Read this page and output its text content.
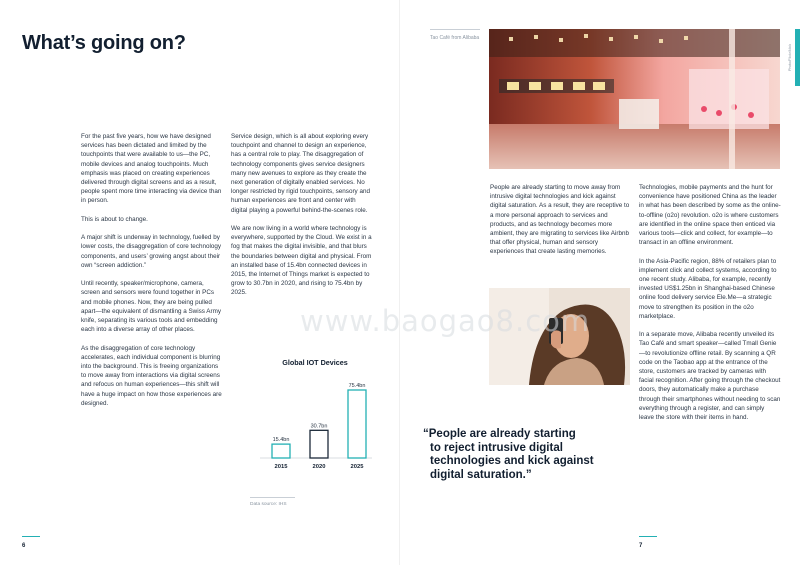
What’s going on?

For the past five years, how we have designed services has been dictated and limited by the touchpoints that were available to us—the PC, mobile devices and analog touchpoints. Much emphasis was placed on creating experiences delivered through digital screens and as a result, people spent more time interacting via device than in person.

This is about to change.

A major shift is underway in technology, fuelled by lower costs, the disaggregation of core technology components, and users’ growing angst about their own “screen addiction.”

Until recently, speaker/microphone, camera, screen and sensors were found together in PCs and mobile phones. Now, they are being pulled apart—the equivalent of dismantling a Swiss Army knife, separating its various tools and embedding each into a diverse array of other places.

As the disaggregation of core technology accelerates, each individual component is blurring into the background. This is freeing organizations to move away from interactions via digital screens and refocus on human experiences—this shift will have a huge impact on how those experiences are designed.

Service design, which is all about exploring every touchpoint and channel to design an experience, has a central role to play. The disaggregation of technology components gives service designers many new avenues to explore as they create the next generation of digitally enabled services. No longer restricted by rigid touchpoints, sensory and human experiences are front and center with digital playing a powerful behind-the-scenes role.

We are now living in a world where technology is everywhere, supported by the Cloud. We exist in a fog that makes the digital invisible, and that blurs the boundaries between digital and physical. From an installed base of 15.4bn connected devices in 2015, the Internet of Things market is expected to grow to 30.7bn in 2020, and rising to 75.4bn by 2025.

Global IOT Devices
15.4bn
2015
30.7bn
2020
75.4bn
2025
Data source: IHS
Tao Café from Alibaba
Photo/Flickr/Nick

People are already starting to move away from intrusive digital technologies and kick against digital saturation. As a result, they are receptive to a more personal approach to services and products, and as technology becomes more ambient, they are migrating to services like Airbnb that offer physical, human and sensory experiences that create lasting memories.

Technologies, mobile payments and the hunt for convenience have positioned China as the leader in what has been described by some as the online-to-offline (o2o) revolution. o2o is where customers are identified in the online space then enticed via various tools—click and collect, for example—to transact in an offline environment.

In the Asia-Pacific region, 88% of retailers plan to implement click and collect systems, according to one recent study. Alibaba, for example, recently invested US$1.25bn in Shanghai-based Chinese online food delivery service Ele.Me—a strategic move to strengthen its position in the o2o marketplace.

In a separate move, Alibaba recently unveiled its Tao Café and smart speaker—called Tmall Genie—to revolutionize offline retail. By scanning a QR code on the Taobao app at the entrance of the store, customers are tracked by cameras with facial recognition. After going through the checkout doors, they automatically make a purchase through their smartphones without needing to scan everything through a register, and can simply leave the store with their items in hand.

“People are already starting
to reject intrusive digital
technologies and kick against
digital saturation.”
6	7
www.baogao8.com
